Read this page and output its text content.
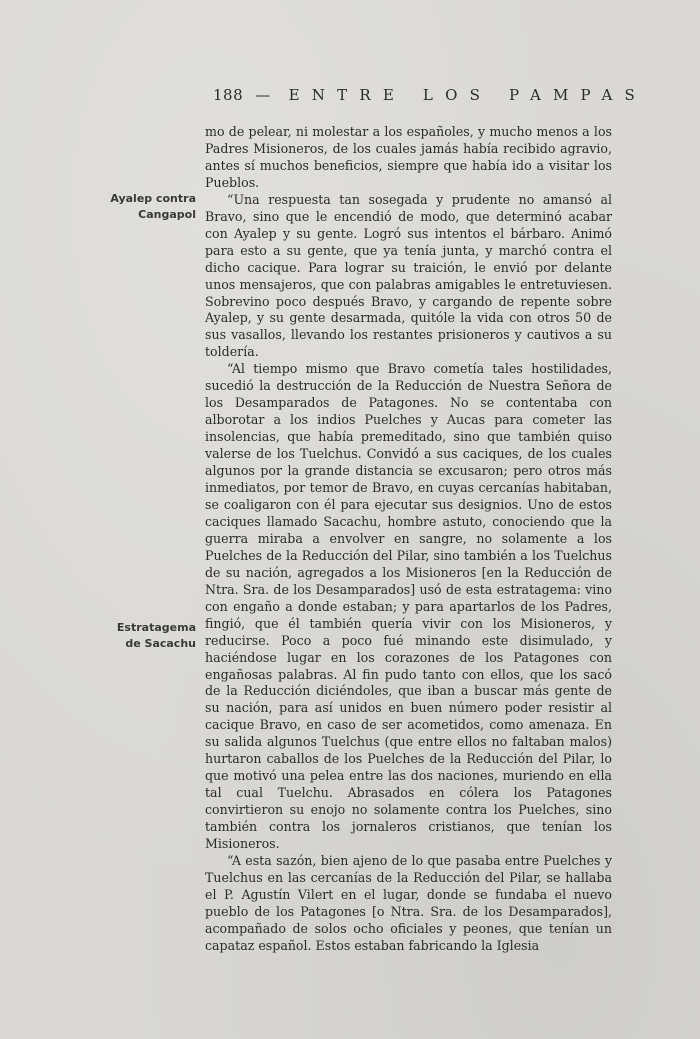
188 — ENTRE LOS PAMPAS
Ayalep contra
Cangapol
Estratagema
de Sacachu

mo de pelear, ni molestar a los españoles, y mucho menos a los Padres Misioneros, de los cuales jamás había recibido agravio, antes sí muchos beneficios, siempre que había ido a visitar los Pueblos.

“Una respuesta tan sosegada y prudente no amansó al Bravo, sino que le encendió de modo, que determinó acabar con Ayalep y su gente. Logró sus intentos el bárbaro. Animó para esto a su gente, que ya tenía junta, y marchó contra el dicho cacique. Para lograr su traición, le envió por delante unos mensajeros, que con palabras amigables le entretuviesen. Sobrevino poco después Bravo, y cargando de repente sobre Ayalep, y su gente desarmada, quitóle la vida con otros 50 de sus vasallos, llevando los restantes prisioneros y cautivos a su toldería.

“Al tiempo mismo que Bravo cometía tales hostilidades, sucedió la destrucción de la Reducción de Nuestra Señora de los Desamparados de Patagones. No se contentaba con alborotar a los indios Puelches y Aucas para cometer las insolencias, que había premeditado, sino que también quiso valerse de los Tuelchus. Convidó a sus caciques, de los cuales algunos por la grande distancia se excusaron; pero otros más inmediatos, por temor de Bravo, en cuyas cercanías habitaban, se coaligaron con él para ejecutar sus designios. Uno de estos caciques llamado Sacachu, hombre astuto, conociendo que la guerra miraba a envolver en sangre, no solamente a los Puelches de la Reducción del Pilar, sino también a los Tuelchus de su nación, agregados a los Misioneros [en la Reducción de Ntra. Sra. de los Desamparados] usó de esta estratagema: vino con engaño a donde estaban; y para apartarlos de los Padres, fingió, que él también quería vivir con los Misioneros, y reducirse. Poco a poco fué minando este disimulado, y haciéndose lugar en los corazones de los Patagones con engañosas palabras. Al fin pudo tanto con ellos, que los sacó de la Reducción diciéndoles, que iban a buscar más gente de su nación, para así unidos en buen número poder resistir al cacique Bravo, en caso de ser acometidos, como amenaza. En su salida algunos Tuelchus (que entre ellos no faltaban malos) hurtaron caballos de los Puelches de la Reducción del Pilar, lo que motivó una pelea entre las dos naciones, muriendo en ella tal cual Tuelchu. Abrasados en cólera los Patagones convirtieron su enojo no solamente contra los Puelches, sino también contra los jornaleros cristianos, que tenían los Misioneros.

“A esta sazón, bien ajeno de lo que pasaba entre Puelches y Tuelchus en las cercanías de la Reducción del Pilar, se hallaba el P. Agustín Vilert en el lugar, donde se fundaba el nuevo pueblo de los Patagones [o Ntra. Sra. de los Desamparados], acompañado de solos ocho oficiales y peones, que tenían un capataz español. Estos estaban fabricando la Iglesia
